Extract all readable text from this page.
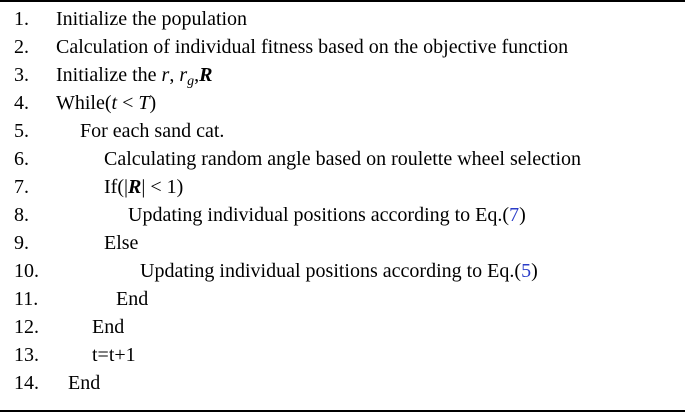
1. Initialize the population
2. Calculation of individual fitness based on the objective function
3. Initialize the r, $r_g,R$
4. While(t < T)
5.	For each sand cat.
6.	Calculating random angle based on roulette wheel selection
7.	If(|R| < 1)
8.	Updating individual positions according to Eq.(7)
9.	Else
10.	Updating individual positions according to Eq.(5)
11.	End
12.	End
13.	t=t+1
14. End
